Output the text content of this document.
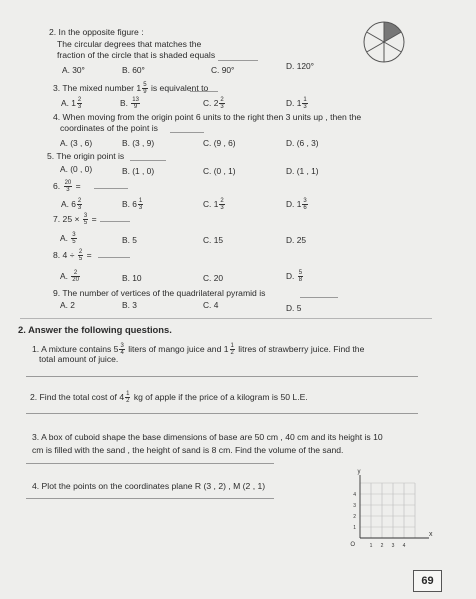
2. In the opposite figure :
The circular degrees that matches the
fraction of the circle that is shaded equals
A. 30°	B. 60°	C. 90°	D. 120°
3. The mixed number $1 \frac{5}{9}$ is equivalent to
A. $1 \frac{2}{3}$	B. $\frac{13}{9}$	C. $2 \frac{2}{3}$	D. $1 \frac{1}{3}$
4. When moving from the origin point 6 units to the right then 3 units up , then the
coordinates of the point is
A. (3 , 6)	B. (3 , 9)	C. (9 , 6)	D. (6 , 3)
5. The origin point is
A. (0 , 0)	B. (1 , 0)	C. (0 , 1)	D. (1 , 1)
6. $\frac{20}{3}$ =
A. $6 \frac{2}{3}$	B. $6 \frac{1}{3}$	C. $1 \frac{2}{3}$	D. $1 \frac{3}{6}$
7. $25 \times \frac{3}{5}$ =
A. $\frac{3}{5}$	B. 5	C. 15	D. 25
8. $4 \div \frac{2}{5}$ =
A. $\frac{2}{20}$	B. 10	C. 20	D. $\frac{5}{8}$
9. The number of vertices of the quadrilateral pyramid is
A. 2	B. 3	C. 4	D. 5
2. Answer the following questions.
1. A mixture contains $5 \frac{3}{4}$ liters of mango juice and $1 \frac{1}{2}$ litres of strawberry juice. Find the
total amount of juice.
2. Find the total cost of $4 \frac{1}{2}$ kg of apple if the price of a kilogram is 50 L.E.
3. A box of cuboid shape the base dimensions of base are 50 cm , 40 cm and its height is 10
cm is filled with the sand , the height of sand is 8 cm. Find the volume of the sand.
4. Plot the points on the coordinates plane R (3 , 2) , M (2 , 1)
1 2 3 4
1
2
3
4
O
x
y
69
